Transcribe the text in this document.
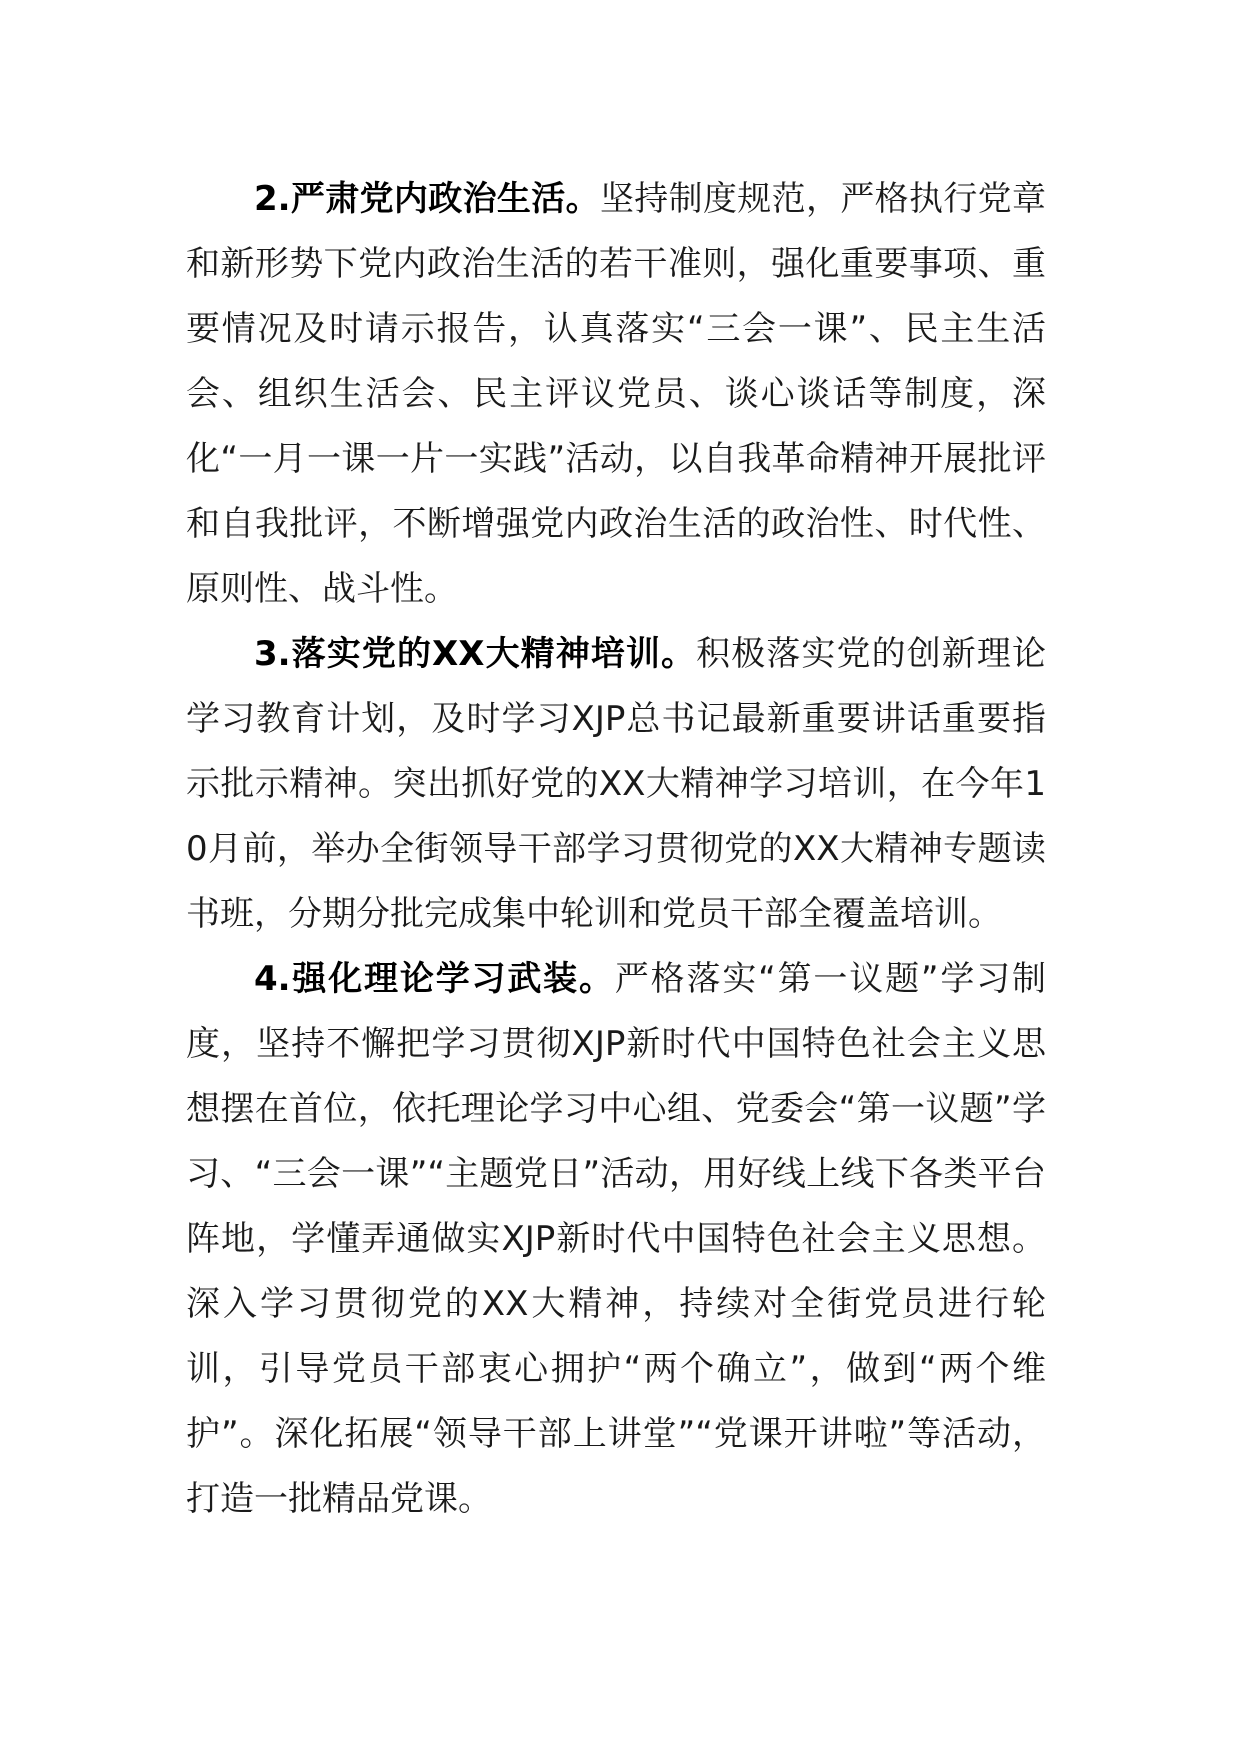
2.严肃党内政治生活。坚持制度规范，严格执行党章和新形势下党内政治生活的若干准则，强化重要事项、重要情况及时请示报告，认真落实“三会一课”、民主生活会、组织生活会、民主评议党员、谈心谈话等制度，深化“一月一课一片一实践”活动，以自我革命精神开展批评和自我批评，不断增强党内政治生活的政治性、时代性、原则性、战斗性。

3.落实党的XX大精神培训。积极落实党的创新理论学习教育计划，及时学习XJP总书记最新重要讲话重要指示批示精神。突出抓好党的XX大精神学习培训，在今年10月前，举办全街领导干部学习贯彻党的XX大精神专题读书班，分期分批完成集中轮训和党员干部全覆盖培训。

4.强化理论学习武装。严格落实“第一议题”学习制度，坚持不懈把学习贯彻XJP新时代中国特色社会主义思想摆在首位，依托理论学习中心组、党委会“第一议题”学习、“三会一课”“主题党日”活动，用好线上线下各类平台阵地，学懂弄通做实XJP新时代中国特色社会主义思想。深入学习贯彻党的XX大精神，持续对全街党员进行轮训，引导党员干部衷心拥护“两个确立”，做到“两个维护”。深化拓展“领导干部上讲堂”“党课开讲啦”等活动，打造一批精品党课。
